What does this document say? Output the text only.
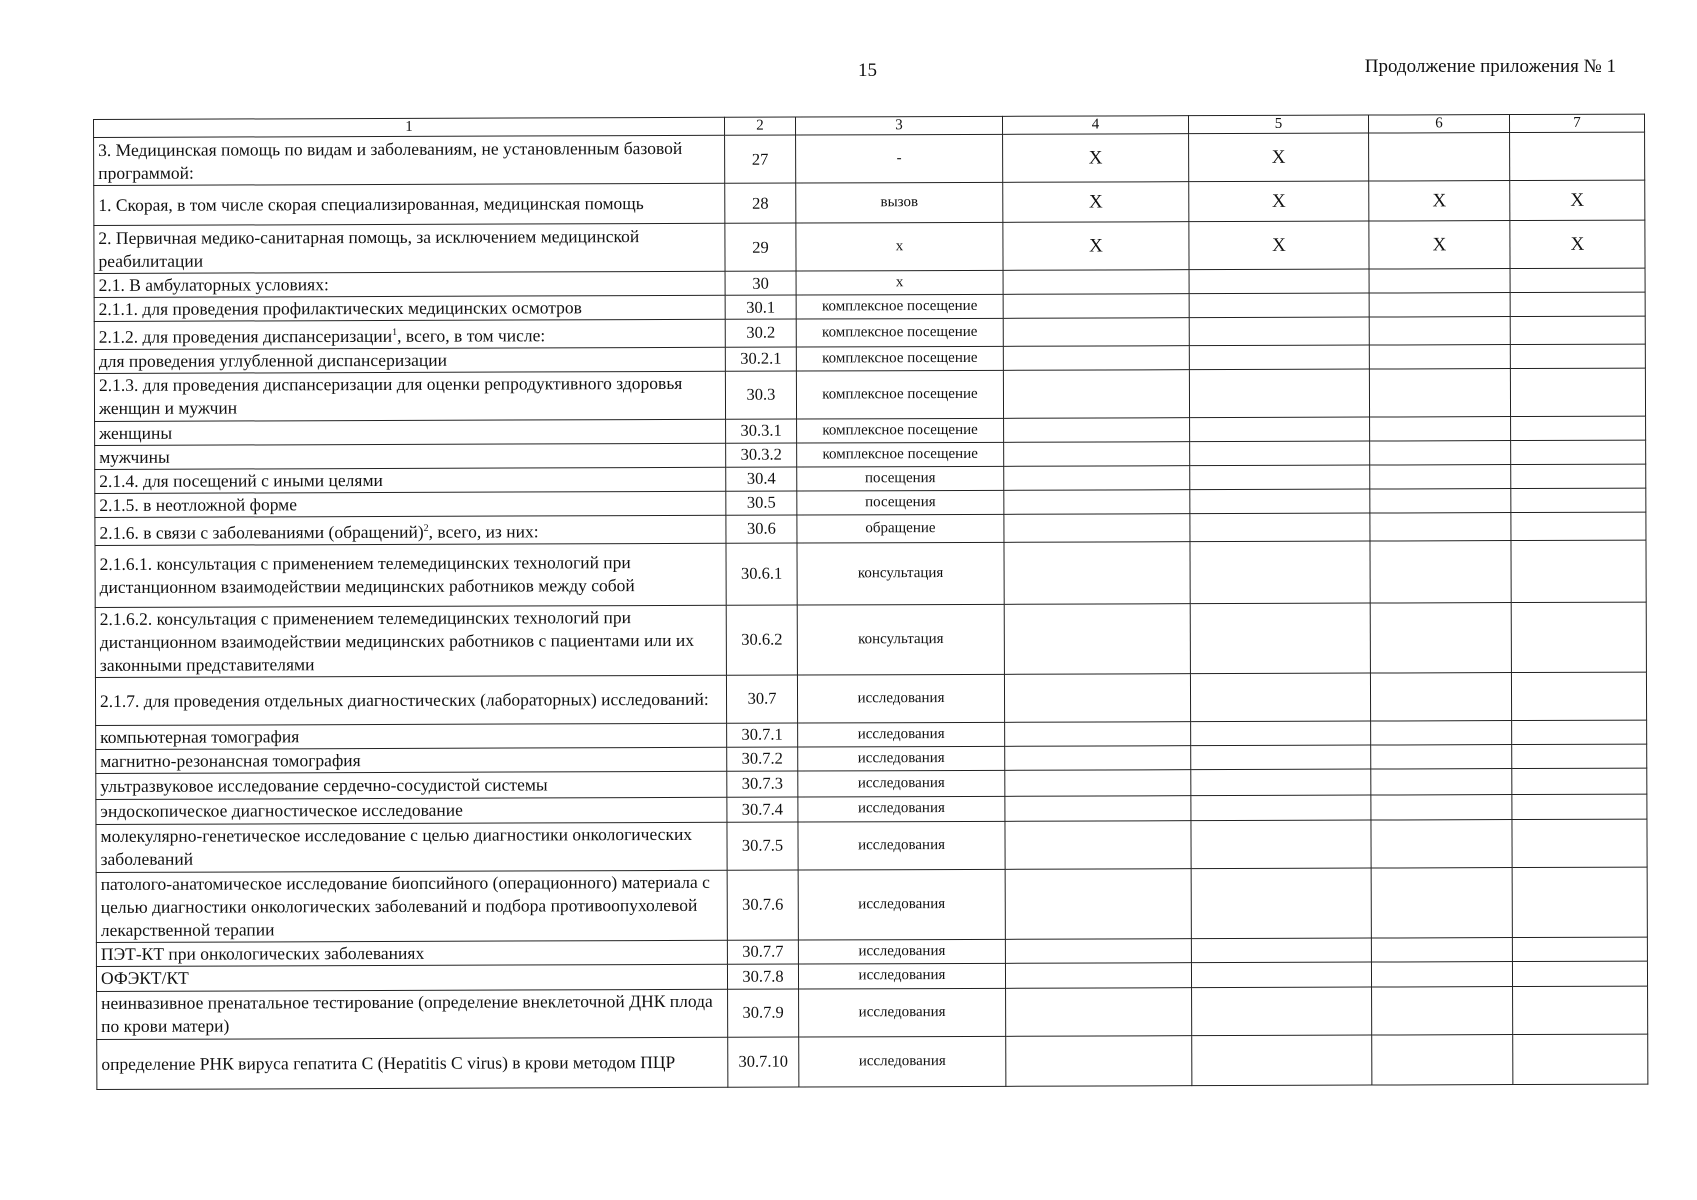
15	Продолжение приложения № 1
1	2	3	4	5	6	7
3. Медицинская помощь по видам и заболеваниям, не установленным базовой программой:	27	-	X	X		
1. Скорая, в том числе скорая специализированная, медицинская помощь	28	вызов	X	X	X	X
2. Первичная медико-санитарная помощь, за исключением медицинской реабилитации	29	х	X	X	X	X
2.1. В амбулаторных условиях:	30	х				
2.1.1. для проведения профилактических медицинских осмотров	30.1	комплексное посещение				
2.1.2. для проведения диспансеризации$^1$, всего, в том числе:	30.2	комплексное посещение				
для проведения углубленной диспансеризации	30.2.1	комплексное посещение				
2.1.3. для проведения диспансеризации для оценки репродуктивного здоровья женщин и мужчин	30.3	комплексное посещение				
женщины	30.3.1	комплексное посещение				
мужчины	30.3.2	комплексное посещение				
2.1.4. для посещений с иными целями	30.4	посещения				
2.1.5. в неотложной форме	30.5	посещения				
2.1.6. в связи с заболеваниями (обращений)$^2$, всего, из них:	30.6	обращение				
2.1.6.1. консультация с применением телемедицинских технологий при дистанционном взаимодействии медицинских работников между собой	30.6.1	консультация				
2.1.6.2. консультация с применением телемедицинских технологий при дистанционном взаимодействии медицинских работников с пациентами или их законными представителями	30.6.2	консультация				
2.1.7. для проведения отдельных диагностических (лабораторных) исследований:	30.7	исследования				
компьютерная томография	30.7.1	исследования				
магнитно-резонансная томография	30.7.2	исследования				
ультразвуковое исследование сердечно-сосудистой системы	30.7.3	исследования				
эндоскопическое диагностическое исследование	30.7.4	исследования				
молекулярно-генетическое исследование с целью диагностики онкологических заболеваний	30.7.5	исследования				
патолого-анатомическое исследование биопсийного (операционного) материала с целью диагностики онкологических заболеваний и подбора противоопухолевой лекарственной терапии	30.7.6	исследования				
ПЭТ-КТ при онкологических заболеваниях	30.7.7	исследования				
ОФЭКТ/КТ	30.7.8	исследования				
неинвазивное пренатальное тестирование (определение внеклеточной ДНК плода по крови матери)	30.7.9	исследования				
определение РНК вируса гепатита C (Hepatitis C virus) в крови методом ПЦР	30.7.10	исследования				
